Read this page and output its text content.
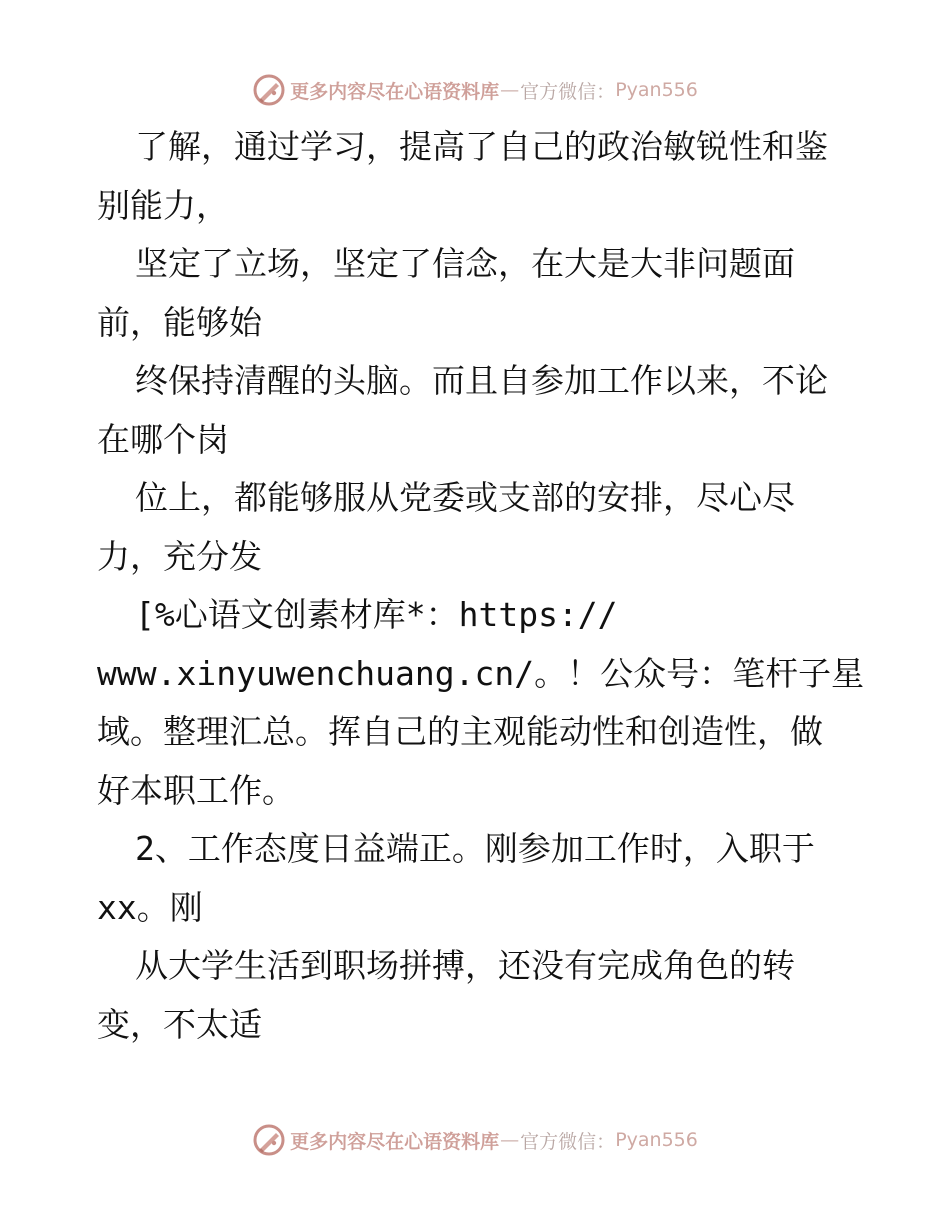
更多内容尽在心语资料库 — 官方微信： Pyan556
了解，通过学习，提高了自己的政治敏锐性和鉴
别能力，
坚定了立场，坚定了信念，在大是大非问题面
前，能够始
终保持清醒的头脑。而且自参加工作以来，不论
在哪个岗
位上，都能够服从党委或支部的安排，尽心尽
力，充分发
[%心语文创素材库*：https://
www.xinyuwenchuang.cn/。！公众号：笔杆子星
域。整理汇总。挥自己的主观能动性和创造性，做
好本职工作。
2、工作态度日益端正。刚参加工作时，入职于
xx。刚
从大学生活到职场拼搏，还没有完成角色的转
变，不太适
更多内容尽在心语资料库 — 官方微信： Pyan556
